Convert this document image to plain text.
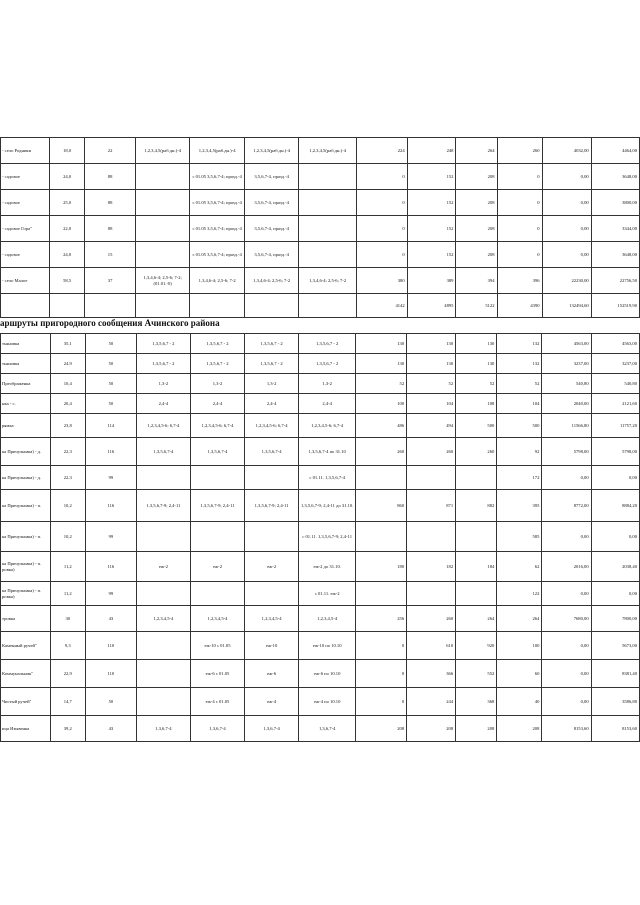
- село Родники	18,0	22	1,2,3,4,5(раб.дн.)-4	1,2,3,4,5(раб.дн.)-4	1,2,3,4,5(раб.дн.)-4	1,2,3,4,5(раб.дн.)-4	224	248	264	260	4032,00	4464,00
- садовое	24,0	88		с 01.05 3,5,6,7-4; празд.-4	3,5,6,7-4, празд.-4		0	152	208	0	0,00	3648,00
- садовое	25,0	88		с 01.05 3,5,6,7-4; празд.-4	3,5,6,7-4, празд.-4		0	152	208	0	0,00	3800,00
- садовое Гора"	22,0	88		с 01.05 3,5,6,7-4; празд.-4	3,5,6,7-4, празд.-4		0	152	208	0	0,00	3344,00
- садовое	24,0	15		с 01.05 3,5,6,7-4; празд.-4	3,5,6,7-4, празд.-4		0	152	208	0	0,00	3648,00
- село Малое	58,5	37	1,3,4,6-4; 2,5-6; 7-2; (01.01.-0)	1,3,4,6-4; 2,5-6; 7-2	1,3,4,6-4; 2,5-6; 7-2	1,3,4,6-4; 2,5-6; 7-2	380	389	394	396	22230,00	22756,50
							4142	4895	5122	4390	132494,60	152519,90
аршруты пригородного сообщения Ачинского района
тьяновка	35,1	50	1,3,5,6,7 - 2	1,3,5,6,7 - 2	1,3,5,6,7 - 2	1,3,5,6,7 - 2	130	130	130	132	4563,00	4563,00
тьяновка	24,9	50	1,3,5,6,7 - 2	1,3,5,6,7 - 2	1,3,5,6,7 - 2	1,3,5,6,7 - 2	130	130	130	132	3237,00	3237,00
Преображенка	10,4	50	1,3-2	1,3-2	1,3-2	1,3-2	52	52	52	52	540,80	540,80
нка - с.	20,4	50	2,4-4	2,4-4	2,4-4	2,4-4	100	104	108	104	2040,00	2121,60
рямка	23,8	114	1,2,3,4,5-6; 6,7-4	1,2,3,4,5-6; 6,7-4	1,2,3,4,5-6; 6,7-4	1,2,3,4,5-6; 6,7-4	486	494	500	500	11566,80	11757,20
ка Причулымка) - д.	22,3	116	1,3,5,6,7-4	1,3,5,6,7-4	1,3,5,6,7-4	1,3,5,6,7-4 по 31.10	260	260	260	92	5798,00	5798,00
ка Причулымка) - д.	22,3	99				с 01.11. 1,3,5,6,7-4				172	0,00	0,00
ка Причулымка) - п.	10,2	116	1,3,5,6,7-9; 2,4-11	1,3,5,6,7-9; 2,4-11	1,3,5,6,7-9; 2,4-11	1,3,5,6,7-9; 2,4-11 до 31.10.	860	871	882	395	8772,00	8884,20
ка Причулымка) - п.	10,2	99				с 01.11. 1,3,5,6,7-9; 2,4-11				585	0,00	0,00
ка Причулымка) - п. ровка)	11,2	116	еж-2	еж-2	еж-2	еж-2 до 31.10.	180	182	184	62	2016,00	2038,40
ка Причулымка) - п. ровка)	11,2	99				с 01.11. еж-2				122	0,00	0,00
тровка	30	43	1,2,3,4,5-4	1,2,3,4,5-4	1,2,3,4,5-4	1,2,3,4,5-4	256	260	264	264	7680,00	7800,00
Каменный ручей"	9,3	110		еж-10 с 01.05	еж-10	еж-10 по 10.10	0	610	920	100	0,00	5673,00
Коммунальник"	22,9	110		еж-6 с 01.05	еж-6	еж-6 по 10.10	0	366	552	60	0,00	8381,40
Чистый ручей"	14,7	50		еж-4 с 01.05	еж-4	еж-4 по 10.10	0	244	368	40	0,00	3586,80
ица Изывенка	39,2	43	1,3,6,7-4	1,3,6,7-4	1,3,6,7-4	1,3,6,7-4	208	208	208	208	8153,60	8153,60
